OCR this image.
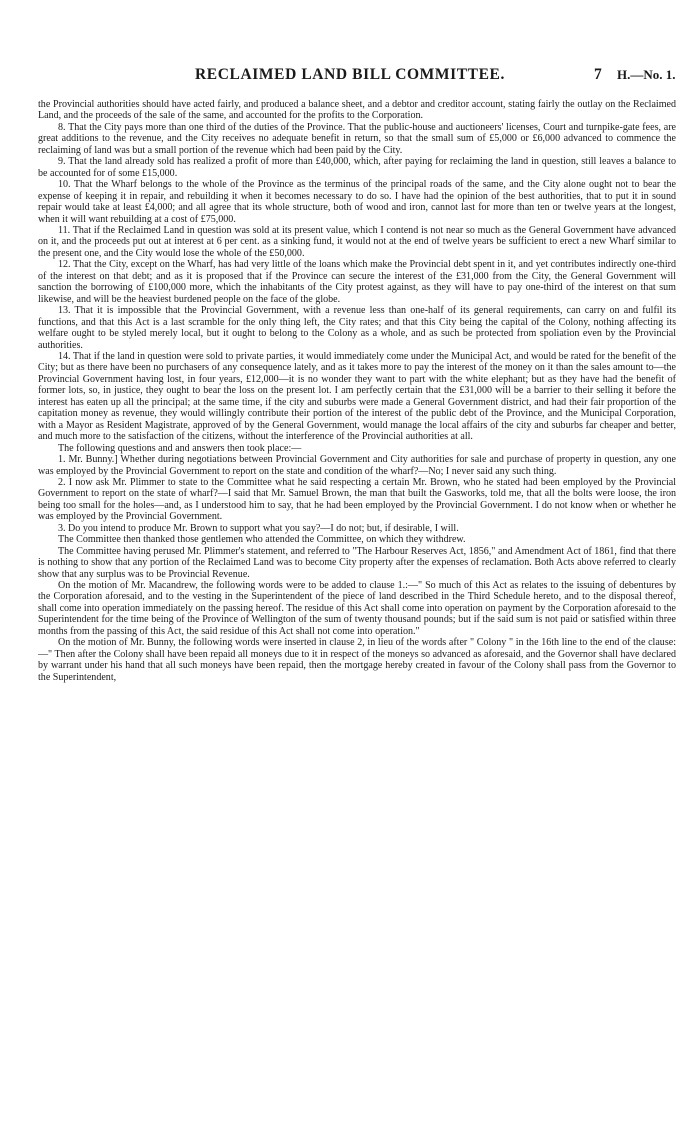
RECLAIMED LAND BILL COMMITTEE.	7 H.—No. 1.

the Provincial authorities should have acted fairly, and produced a balance sheet, and a debtor and creditor account, stating fairly the outlay on the Reclaimed Land, and the proceeds of the sale of the same, and accounted for the profits to the Corporation.

8. That the City pays more than one third of the duties of the Province. That the public-house and auctioneers' licenses, Court and turnpike-gate fees, are great additions to the revenue, and the City receives no adequate benefit in return, so that the small sum of £5,000 or £6,000 advanced to commence the reclaiming of land was but a small portion of the revenue which had been paid by the City.

9. That the land already sold has realized a profit of more than £40,000, which, after paying for reclaiming the land in question, still leaves a balance to be accounted for of some £15,000.

10. That the Wharf belongs to the whole of the Province as the terminus of the principal roads of the same, and the City alone ought not to bear the expense of keeping it in repair, and rebuilding it when it becomes necessary to do so. I have had the opinion of the best authorities, that to put it in sound repair would take at least £4,000; and all agree that its whole structure, both of wood and iron, cannot last for more than ten or twelve years at the longest, when it will want rebuilding at a cost of £75,000.

11. That if the Reclaimed Land in question was sold at its present value, which I contend is not near so much as the General Government have advanced on it, and the proceeds put out at interest at 6 per cent. as a sinking fund, it would not at the end of twelve years be sufficient to erect a new Wharf similar to the present one, and the City would lose the whole of the £50,000.

12. That the City, except on the Wharf, has had very little of the loans which make the Provincial debt spent in it, and yet contributes indirectly one-third of the interest on that debt; and as it is proposed that if the Province can secure the interest of the £31,000 from the City, the General Government will sanction the borrowing of £100,000 more, which the inhabitants of the City protest against, as they will have to pay one-third of the interest on that sum likewise, and will be the heaviest burdened people on the face of the globe.

13. That it is impossible that the Provincial Government, with a revenue less than one-half of its general requirements, can carry on and fulfil its functions, and that this Act is a last scramble for the only thing left, the City rates; and that this City being the capital of the Colony, nothing affecting its welfare ought to be styled merely local, but it ought to belong to the Colony as a whole, and as such be protected from spoliation even by the Provincial authorities.

14. That if the land in question were sold to private parties, it would immediately come under the Municipal Act, and would be rated for the benefit of the City; but as there have been no purchasers of any consequence lately, and as it takes more to pay the interest of the money on it than the sales amount to—the Provincial Government having lost, in four years, £12,000—it is no wonder they want to part with the white elephant; but as they have had the benefit of former lots, so, in justice, they ought to bear the loss on the present lot. I am perfectly certain that the £31,000 will be a barrier to their selling it before the interest has eaten up all the principal; at the same time, if the city and suburbs were made a General Government district, and had their fair proportion of the capitation money as revenue, they would willingly contribute their portion of the interest of the public debt of the Province, and the Municipal Corporation, with a Mayor as Resident Magistrate, approved of by the General Government, would manage the local affairs of the city and suburbs far cheaper and better, and much more to the satisfaction of the citizens, without the interference of the Provincial authorities at all.

The following questions and and answers then took place:—

1. Mr. Bunny.] Whether during negotiations between Provincial Government and City authorities for sale and purchase of property in question, any one was employed by the Provincial Government to report on the state and condition of the wharf?—No; I never said any such thing.

2. I now ask Mr. Plimmer to state to the Committee what he said respecting a certain Mr. Brown, who he stated had been employed by the Provincial Government to report on the state of wharf?—I said that Mr. Samuel Brown, the man that built the Gasworks, told me, that all the bolts were loose, the iron being too small for the holes—and, as I understood him to say, that he had been employed by the Provincial Government. I do not know when or whether he was employed by the Provincial Government.

3. Do you intend to produce Mr. Brown to support what you say?—I do not; but, if desirable, I will.

The Committee then thanked those gentlemen who attended the Committee, on which they withdrew.

The Committee having perused Mr. Plimmer's statement, and referred to "The Harbour Reserves Act, 1856," and Amendment Act of 1861, find that there is nothing to show that any portion of the Reclaimed Land was to become City property after the expenses of reclamation. Both Acts above referred to clearly show that any surplus was to be Provincial Revenue.

On the motion of Mr. Macandrew, the following words were to be added to clause 1.:—" So much of this Act as relates to the issuing of debentures by the Corporation aforesaid, and to the vesting in the Superintendent of the piece of land described in the Third Schedule hereto, and to the disposal thereof, shall come into operation immediately on the passing hereof. The residue of this Act shall come into operation on payment by the Corporation aforesaid to the Superintendent for the time being of the Province of Wellington of the sum of twenty thousand pounds; but if the said sum is not paid or satisfied within three months from the passing of this Act, the said residue of this Act shall not come into operation."

On the motion of Mr. Bunny, the following words were inserted in clause 2, in lieu of the words after " Colony " in the 16th line to the end of the clause:—" Then after the Colony shall have been repaid all moneys due to it in respect of the moneys so advanced as aforesaid, and the Governor shall have declared by warrant under his hand that all such moneys have been repaid, then the mortgage hereby created in favour of the Colony shall pass from the Governor to the Superintendent,
